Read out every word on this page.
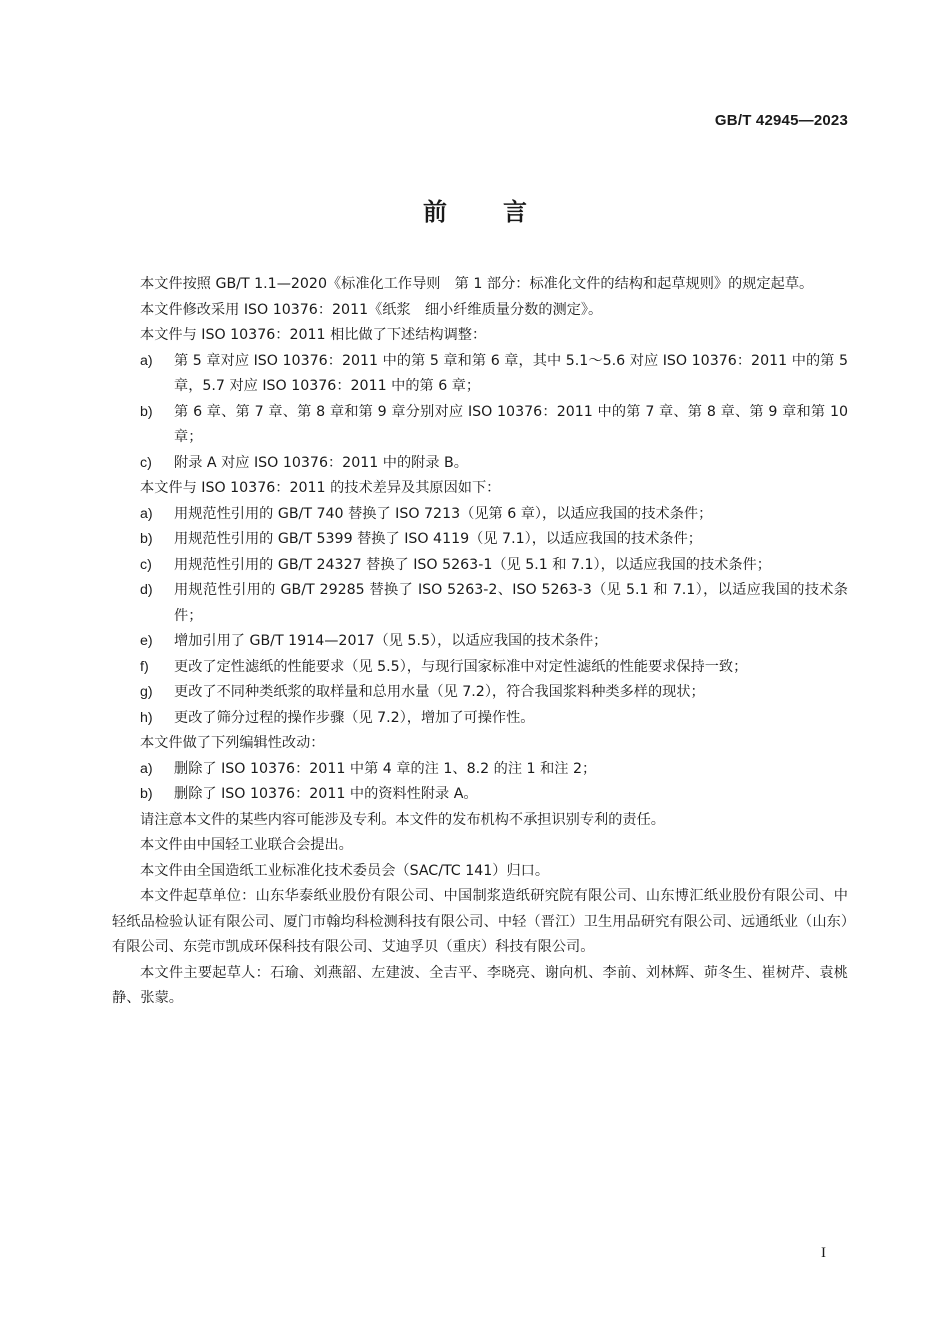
GB/T 42945—2023
前 言

本文件按照 GB/T 1.1—2020《标准化工作导则　第 1 部分：标准化文件的结构和起草规则》的规定起草。

本文件修改采用 ISO 10376：2011《纸浆　细小纤维质量分数的测定》。

本文件与 ISO 10376：2011 相比做了下述结构调整：

a)	第 5 章对应 ISO 10376：2011 中的第 5 章和第 6 章，其中 5.1～5.6 对应 ISO 10376：2011 中的第 5 章，5.7 对应 ISO 10376：2011 中的第 6 章；
b)	第 6 章、第 7 章、第 8 章和第 9 章分别对应 ISO 10376：2011 中的第 7 章、第 8 章、第 9 章和第 10 章；
c)	附录 A 对应 ISO 10376：2011 中的附录 B。

本文件与 ISO 10376：2011 的技术差异及其原因如下：

a)	用规范性引用的 GB/T 740 替换了 ISO 7213（见第 6 章），以适应我国的技术条件；
b)	用规范性引用的 GB/T 5399 替换了 ISO 4119（见 7.1），以适应我国的技术条件；
c)	用规范性引用的 GB/T 24327 替换了 ISO 5263-1（见 5.1 和 7.1），以适应我国的技术条件；
d)	用规范性引用的 GB/T 29285 替换了 ISO 5263-2、ISO 5263-3（见 5.1 和 7.1），以适应我国的技术条件；
e)	增加引用了 GB/T 1914—2017（见 5.5），以适应我国的技术条件；
f)	更改了定性滤纸的性能要求（见 5.5），与现行国家标准中对定性滤纸的性能要求保持一致；
g)	更改了不同种类纸浆的取样量和总用水量（见 7.2），符合我国浆料种类多样的现状；
h)	更改了筛分过程的操作步骤（见 7.2），增加了可操作性。

本文件做了下列编辑性改动：

a)	删除了 ISO 10376：2011 中第 4 章的注 1、8.2 的注 1 和注 2；
b)	删除了 ISO 10376：2011 中的资料性附录 A。

请注意本文件的某些内容可能涉及专利。本文件的发布机构不承担识别专利的责任。

本文件由中国轻工业联合会提出。

本文件由全国造纸工业标准化技术委员会（SAC/TC 141）归口。

本文件起草单位：山东华泰纸业股份有限公司、中国制浆造纸研究院有限公司、山东博汇纸业股份有限公司、中轻纸品检验认证有限公司、厦门市翰均科检测科技有限公司、中轻（晋江）卫生用品研究有限公司、远通纸业（山东）有限公司、东莞市凯成环保科技有限公司、艾迪孚贝（重庆）科技有限公司。

本文件主要起草人：石瑜、刘燕韶、左建波、全吉平、李晓亮、谢向机、李前、刘林辉、茆冬生、崔树芹、袁桃静、张蒙。

I
